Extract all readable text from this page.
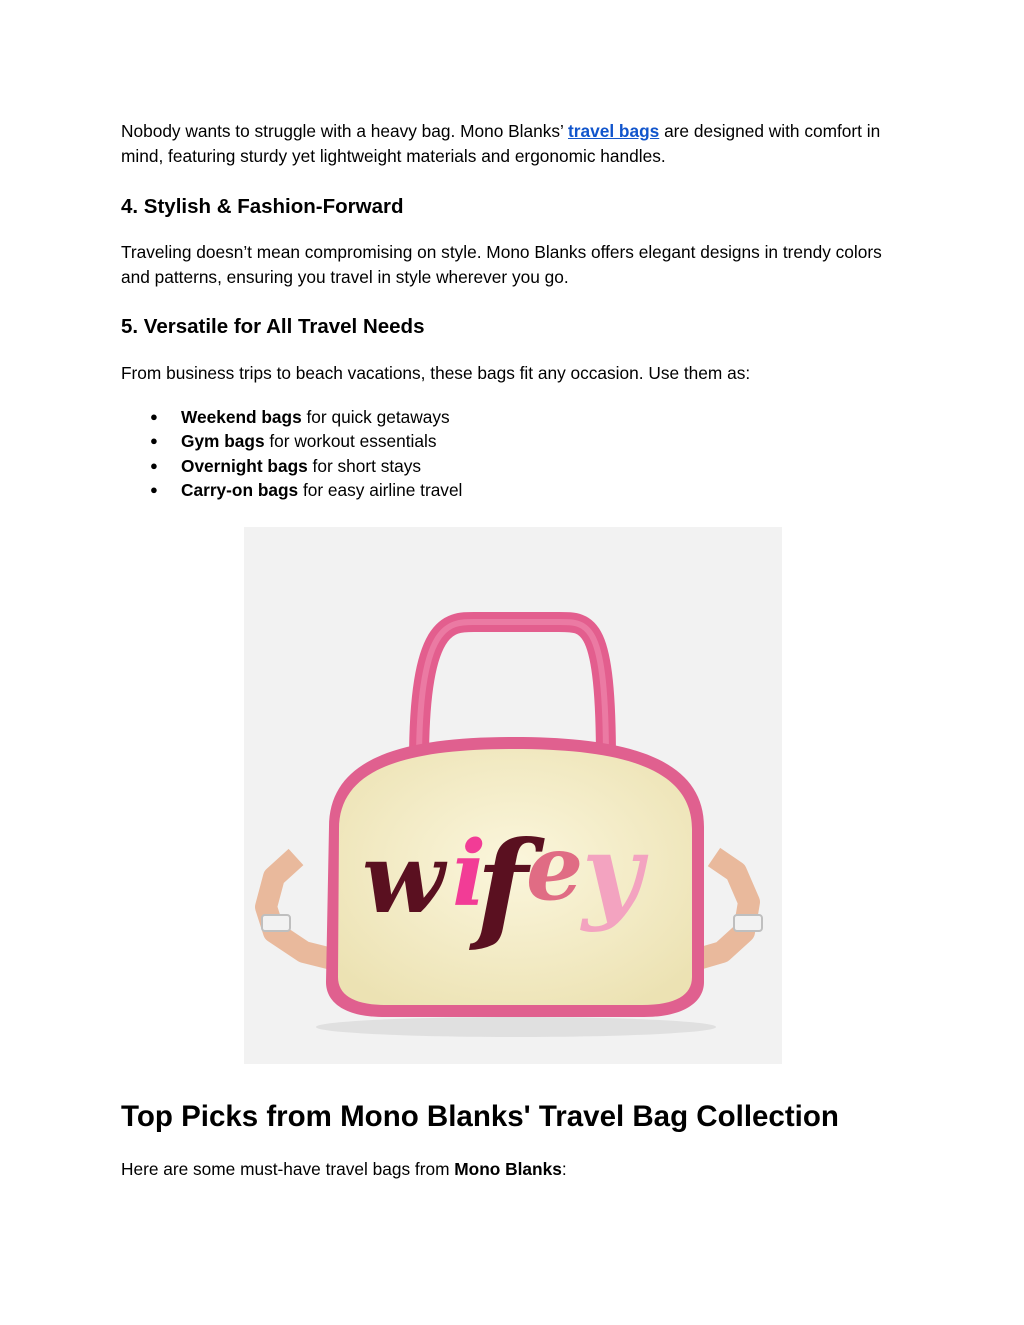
Nobody wants to struggle with a heavy bag. Mono Blanks’ travel bags are designed with comfort in mind, featuring sturdy yet lightweight materials and ergonomic handles.

4. Stylish & Fashion-Forward

Traveling doesn’t mean compromising on style. Mono Blanks offers elegant designs in trendy colors and patterns, ensuring you travel in style wherever you go.

5. Versatile for All Travel Needs

From business trips to beach vacations, these bags fit any occasion. Use them as:

● Weekend bags for quick getaways
● Gym bags for workout essentials
● Overnight bags for short stays
● Carry-on bags for easy airline travel
Top Picks from Mono Blanks' Travel Bag Collection

Here are some must-have travel bags from Mono Blanks:

w i
f
e
y
